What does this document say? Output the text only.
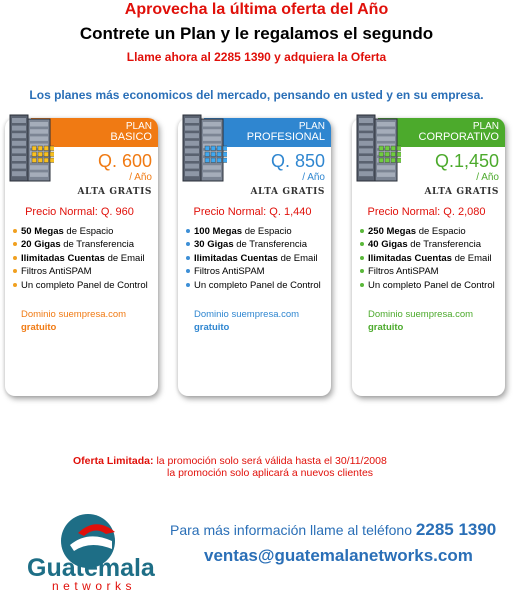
Aprovecha la última oferta del Año
Contrete un Plan y le regalamos el segundo
Llame ahora al 2285 1390 y adquiera la Oferta
Los planes más economicos del mercado, pensando en usted y en su empresa.
PLAN
BASICO
Q. 600
/ Año
ALTA GRATIS
Precio Normal: Q. 960
50 Megas de Espacio
20 Gigas de Transferencia
Ilimitadas Cuentas de Email
Filtros AntiSPAM
Un completo Panel de Control
Dominio suempresa.com
gratuito
PLAN
PROFESIONAL
Q. 850
/ Año
ALTA GRATIS
Precio Normal: Q. 1,440
100 Megas de Espacio
30 Gigas de Transferencia
Ilimitadas Cuentas de Email
Filtros AntiSPAM
Un completo Panel de Control
Dominio suempresa.com
gratuito
PLAN
CORPORATIVO
Q.1,450
/ Año
ALTA GRATIS
Precio Normal: Q. 2,080
250 Megas de Espacio
40 Gigas de Transferencia
Ilimitadas Cuentas de Email
Filtros AntiSPAM
Un completo Panel de Control
Dominio suempresa.com
gratuito
Oferta Limitada: la promoción solo será válida hasta el 30/11/2008
la promoción solo aplicará a nuevos clientes
Guatemala
networks
Para más información llame al teléfono 2285 1390
ventas@guatemalanetworks.com
